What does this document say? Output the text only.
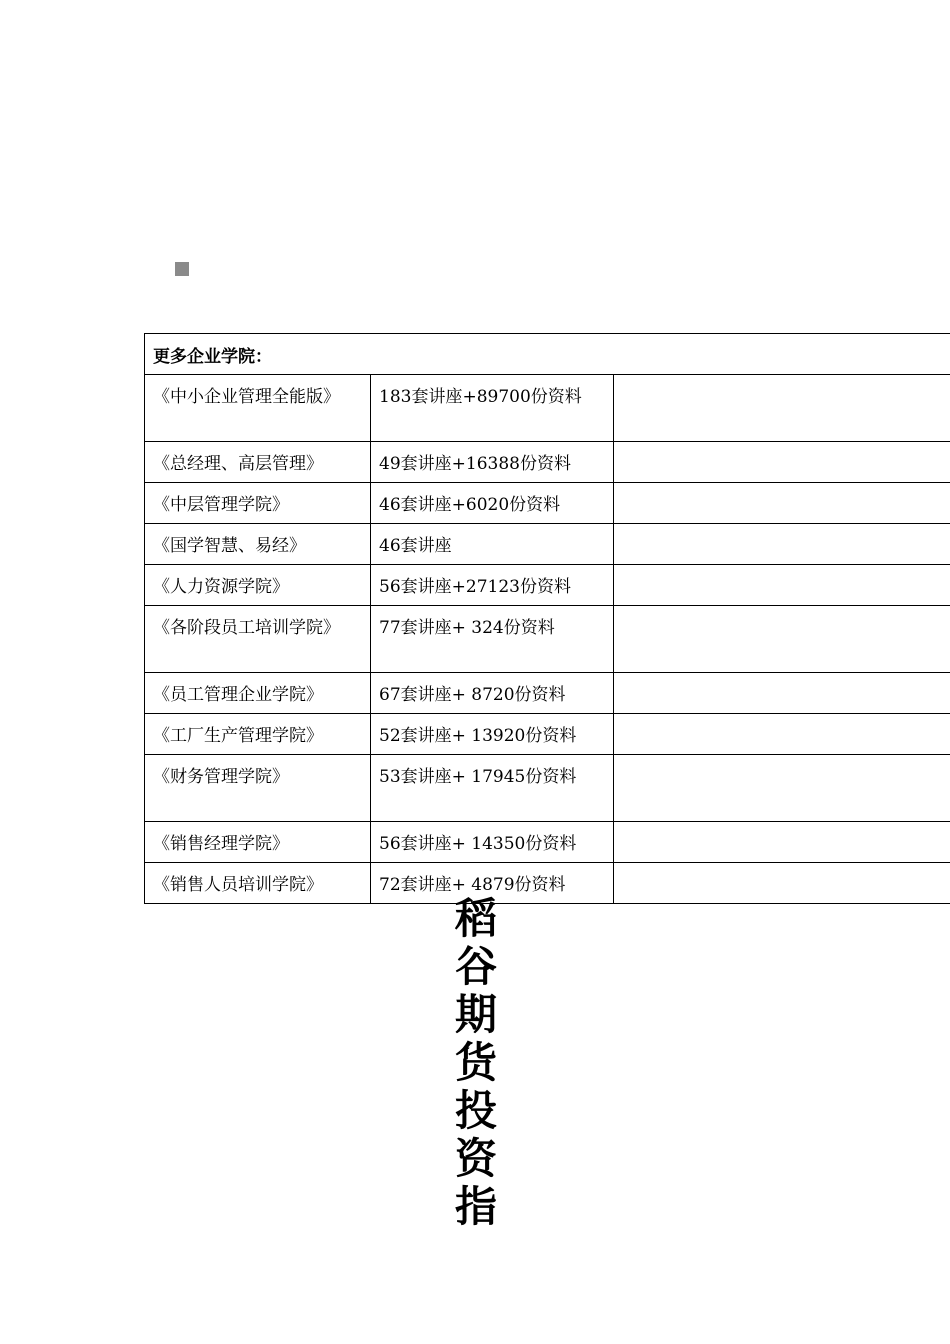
更多企业学院：		
《中小企业管理全能版》	183套讲座+89700份资料	
《总经理、高层管理》	49套讲座+16388份资料	
《中层管理学院》	46套讲座+6020份资料	
《国学智慧、易经》	46套讲座	
《人力资源学院》	56套讲座+27123份资料	
《各阶段员工培训学院》	77套讲座+ 324份资料	
《员工管理企业学院》	67套讲座+ 8720份资料	
《工厂生产管理学院》	52套讲座+ 13920份资料	
《财务管理学院》	53套讲座+ 17945份资料	
《销售经理学院》	56套讲座+ 14350份资料	
《销售人员培训学院》	72套讲座+ 4879份资料	
稻
谷
期
货
投
资
指
